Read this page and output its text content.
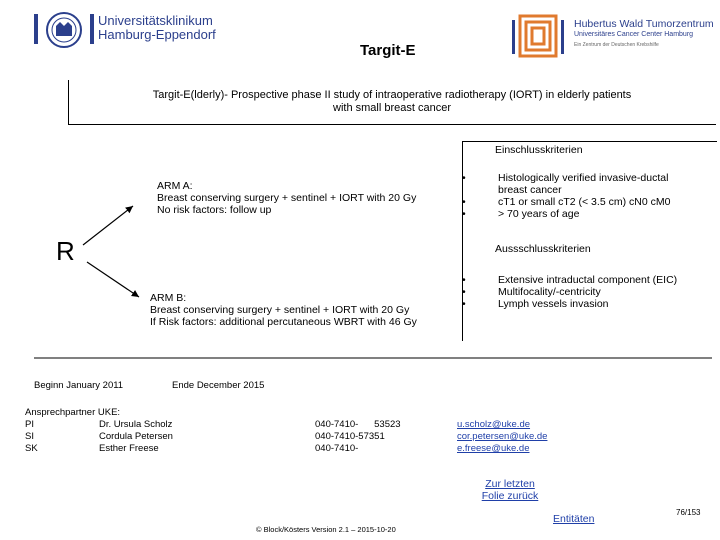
Universitätsklinikum
Hamburg-Eppendorf
Hubertus Wald Tumorzentrum
Universitäres Cancer Center Hamburg
Ein Zentrum der Deutschen Krebshilfe
Targit-E
Targit-E(lderly)- Prospective phase II study of intraoperative radiotherapy (IORT) in elderly patients
with small breast cancer
R
ARM A:
Breast conserving surgery + sentinel + IORT with 20 Gy
No risk factors: follow up
ARM B:
Breast conserving surgery + sentinel + IORT with 20 Gy
If Risk factors: additional percutaneous WBRT with 46 Gy
Einschlusskriterien
• Histologically verified invasive-ductal breast cancer
• cT1 or small cT2 (< 3.5 cm) cN0 cM0
• > 70 years of age
Aussschlusskriterien
• Extensive intraductal component (EIC)
• Multifocality/-centricity
• Lymph vessels invasion
Beginn January 2011	Ende December 2015
Ansprechpartner UKE:
PI	Dr. Ursula Scholz	040-7410-      53523	u.scholz@uke.de
SI	Cordula Petersen	040-7410-57351	cor.petersen@uke.de
SK	Esther Freese	040-7410-	e.freese@uke.de
Zur letzten
Folie zurück
Entitäten
76/153
© Block/Kösters Version 2.1 – 2015-10-20
